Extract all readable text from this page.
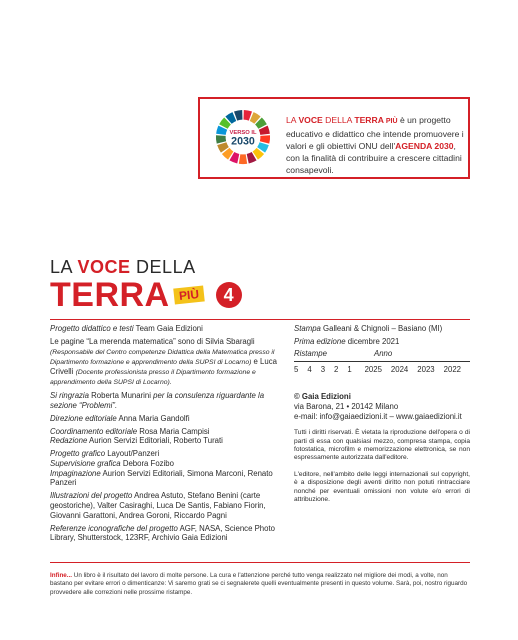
VERSO IL
2030
LA VOCE DELLA TERRA PIÙ è un progetto educativo e didattico che intende promuovere i valori e gli obiettivi ONU dell'AGENDA 2030, con la finalità di contribuire a crescere cittadini consapevoli.
LA VOCE DELLA
TERRA PIÙ	4
Progetto didattico e testi Team Gaia Edizioni
Le pagine “La merenda matematica” sono di Silvia Sbaragli (Responsabile del Centro competenze Didattica della Matematica presso il Dipartimento formazione e apprendimento della SUPSI di Locarno) e Luca Crivelli (Docente professionista presso il Dipartimento formazione e apprendimento della SUPSI di Locarno).
Si ringrazia Roberta Munarini per la consulenza riguardante la sezione “Problemi”.
Direzione editoriale Anna Maria Gandolfi
Coordinamento editoriale Rosa Maria Campisi
Redazione Aurion Servizi Editoriali, Roberto Turati
Progetto grafico Layout/Panzeri
Supervisione grafica Debora Fozibo
Impaginazione Aurion Servizi Editoriali, Simona Marconi, Renato Panzeri
Illustrazioni del progetto Andrea Astuto, Stefano Benini (carte geostoriche), Valter Casiraghi, Luca De Santis, Fabiano Fiorin, Giovanni Garattoni, Andrea Goroni, Riccardo Pagni
Referenze iconografiche del progetto AGF, NASA, Science Photo Library, Shutterstock, 123RF, Archivio Gaia Edizioni
Stampa Galleani & Chignoli – Basiano (MI)
Prima edizione dicembre 2021
Ristampe	Anno
5 4 3 2 1 2025 2024 2023 2022
© Gaia Edizioni
via Barona, 21 • 20142 Milano
e-mail: info@gaiaedizioni.it – www.gaiaedizioni.it
Tutti i diritti riservati. È vietata la riproduzione dell'opera o di parti di essa con qualsiasi mezzo, compresa stampa, copia fotostatica, microfilm e memorizzazione elettronica, se non espressamente autorizzata dall'editore.
L'editore, nell'ambito delle leggi internazionali sul copyright, è a disposizione degli aventi diritto non potuti rintracciare nonché per eventuali omissioni non volute e/o errori di attribuzione.
Infine... Un libro è il risultato del lavoro di molte persone. La cura e l'attenzione perché tutto venga realizzato nel migliore dei modi, a volte, non bastano per evitare errori o dimenticanze: Vi saremo grati se ci segnalerete quelli eventualmente presenti in questo volume. Sarà, poi, nostro riguardo provvedere alle correzioni nelle prossime ristampe.
